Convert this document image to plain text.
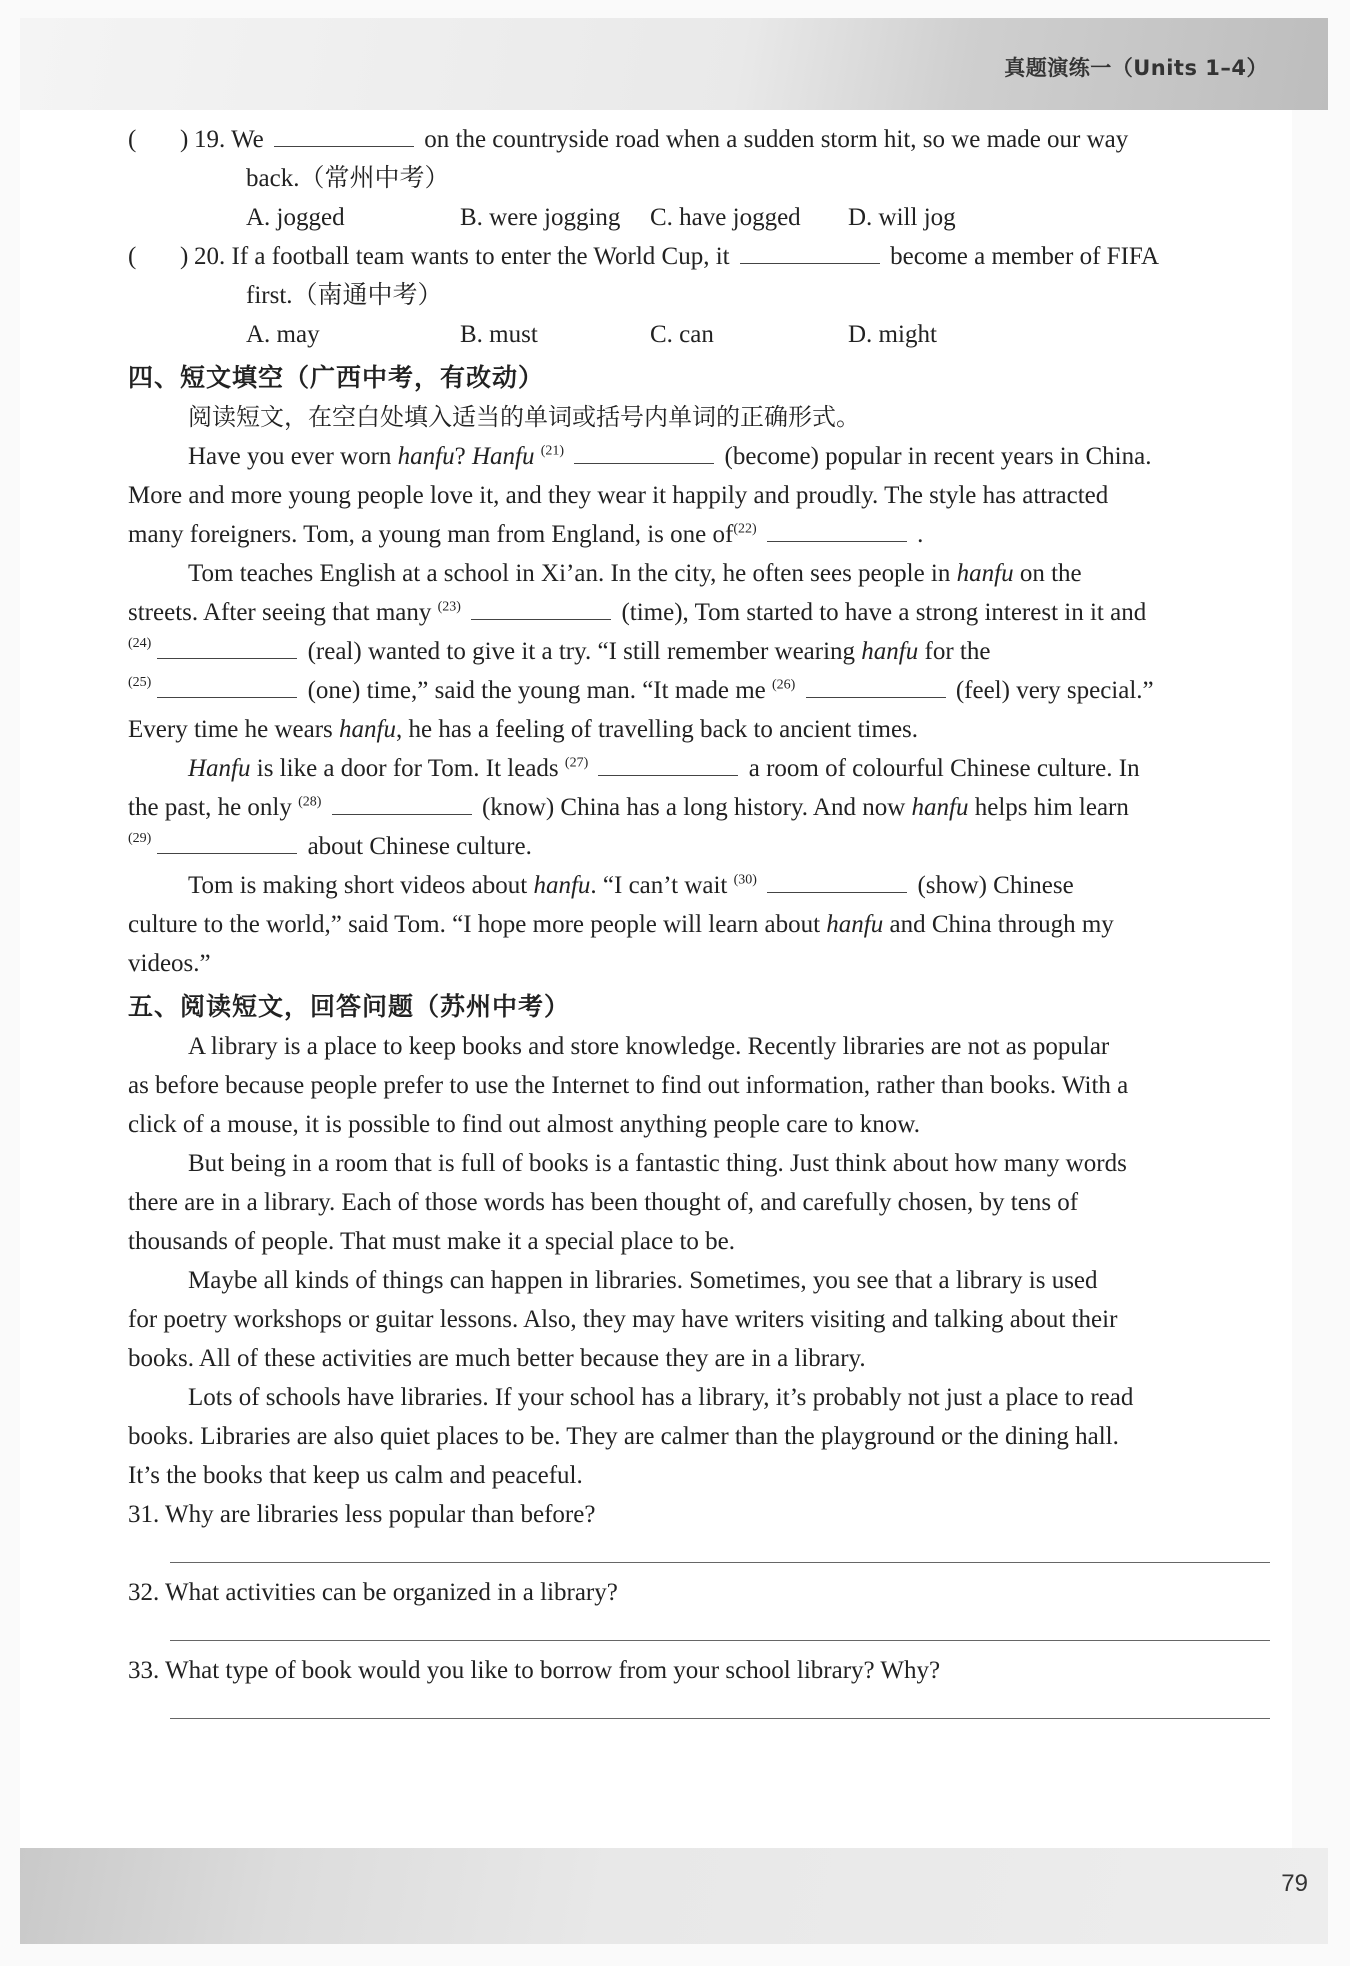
真题演练一（Units 1–4）
( ) 19. We	on the countryside road when a sudden storm hit, so we made our way
back.（常州中考）
A. jogged	B. were jogging C. have jogged D. will jog
( ) 20. If a football team wants to enter the World Cup, it	become a member of FIFA
first.（南通中考）
A. may	B. must	C. can	D. might
四、短文填空（广西中考，有改动）
阅读短文，在空白处填入适当的单词或括号内单词的正确形式。
Have you ever worn hanfu? Hanfu $^{(21)}$	(become) popular in recent years in China.
More and more young people love it, and they wear it happily and proudly. The style has attracted
many foreigners. Tom, a young man from England, is one $of^{(22)}$	.
Tom teaches English at a school in Xi’an. In the city, he often sees people in hanfu on the
streets. After seeing that many $^{(23)}$	(time), Tom started to have a strong interest in it and
$^{(24)}$	(real) wanted to give it a try. “I still remember wearing hanfu for the
$^{(25)}$	(one) time,” said the young man. “It made me $^{(26)}$	(feel) very special.”
Every time he wears hanfu, he has a feeling of travelling back to ancient times.
Hanfu is like a door for Tom. It leads $^{(27)}$	a room of colourful Chinese culture. In
the past, he only $^{(28)}$	(know) China has a long history. And now hanfu helps him learn
$^{(29)}$	about Chinese culture.
Tom is making short videos about hanfu. “I can’t wait $^{(30)}$	(show) Chinese
culture to the world,” said Tom. “I hope more people will learn about hanfu and China through my
videos.”
五、阅读短文，回答问题（苏州中考）
A library is a place to keep books and store knowledge. Recently libraries are not as popular
as before because people prefer to use the Internet to find out information, rather than books. With a
click of a mouse, it is possible to find out almost anything people care to know.
But being in a room that is full of books is a fantastic thing. Just think about how many words
there are in a library. Each of those words has been thought of, and carefully chosen, by tens of
thousands of people. That must make it a special place to be.
Maybe all kinds of things can happen in libraries. Sometimes, you see that a library is used
for poetry workshops or guitar lessons. Also, they may have writers visiting and talking about their
books. All of these activities are much better because they are in a library.
Lots of schools have libraries. If your school has a library, it’s probably not just a place to read
books. Libraries are also quiet places to be. They are calmer than the playground or the dining hall.
It’s the books that keep us calm and peaceful.
31. Why are libraries less popular than before?
32. What activities can be organized in a library?
33. What type of book would you like to borrow from your school library? Why?
79
